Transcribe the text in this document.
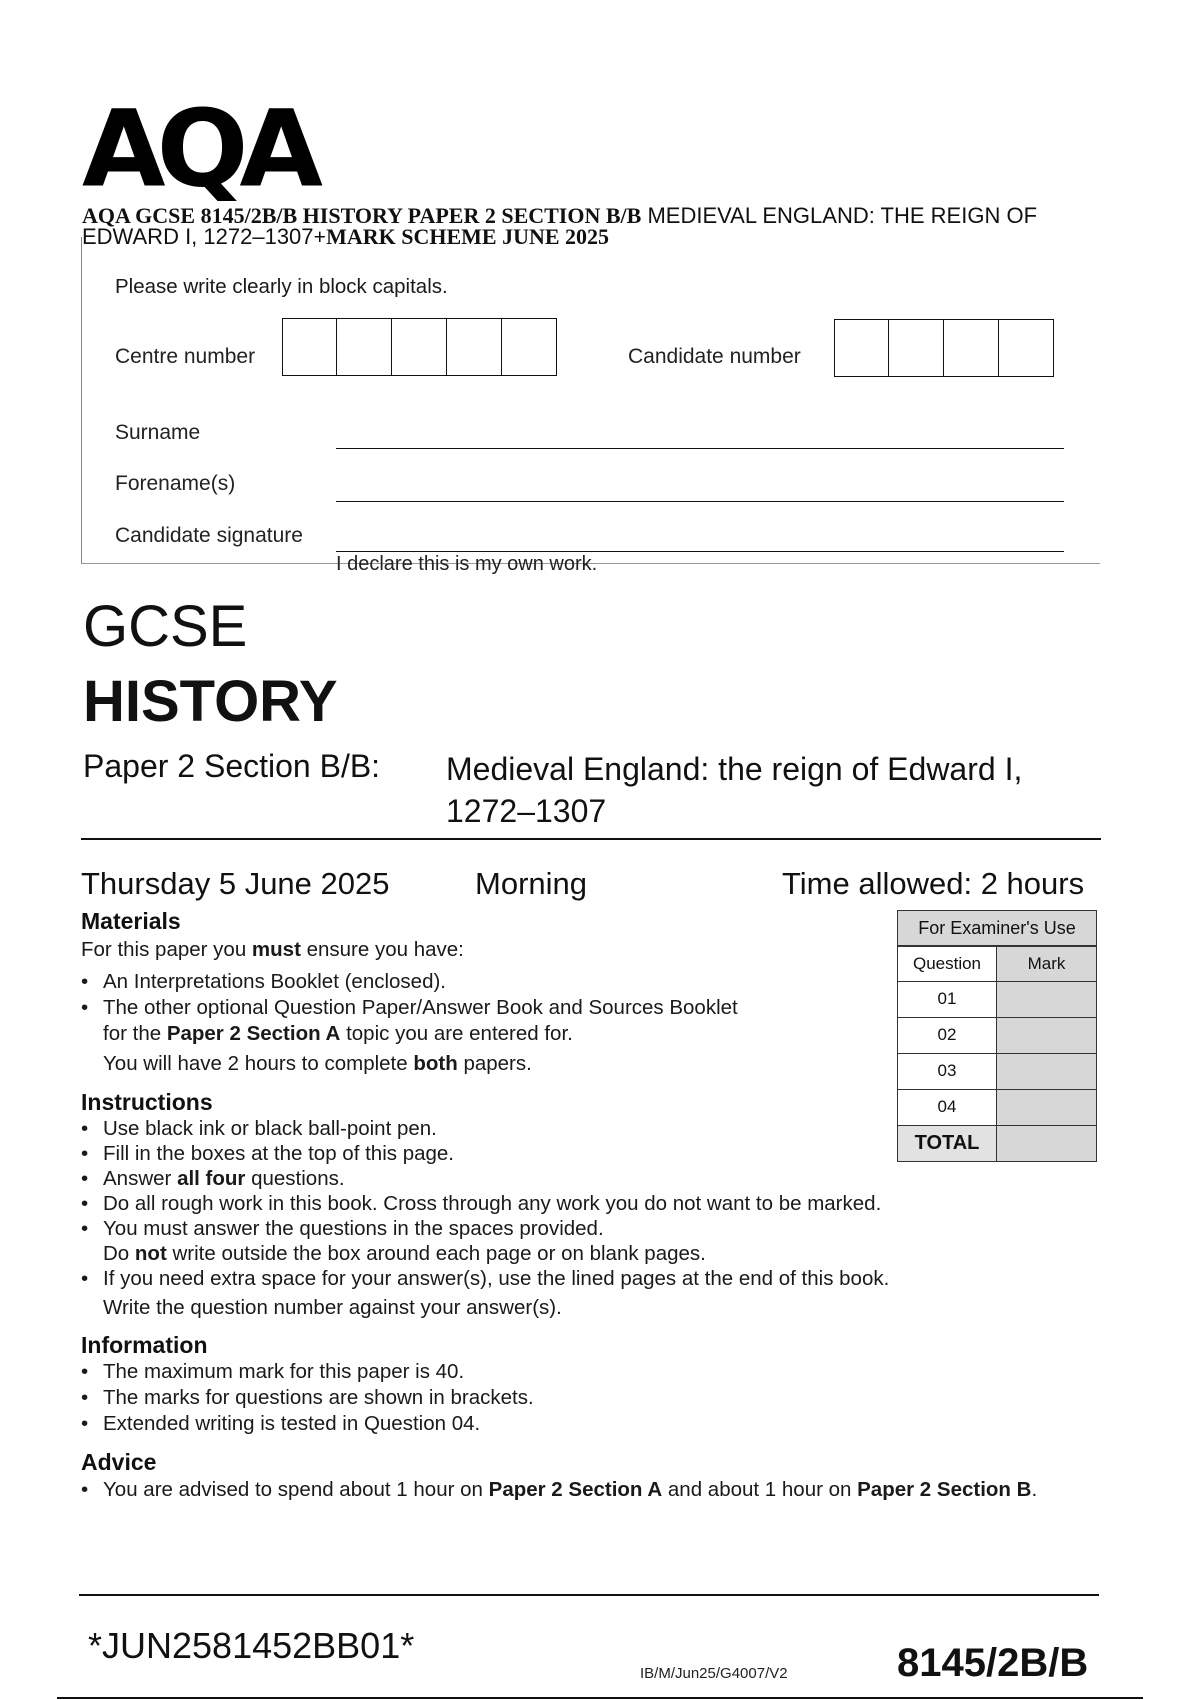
AQA
AQA GCSE 8145/2B/B HISTORY PAPER 2 SECTION B/B MEDIEVAL ENGLAND: THE REIGN OF EDWARD I, 1272–1307+MARK SCHEME JUNE 2025
Please write clearly in block capitals.
Centre number	Candidate number
Surname
Forename(s)
Candidate signature
I declare this is my own work.
GCSE
HISTORY
Paper 2 Section B/B: Medieval England: the reign of Edward I, 1272–1307
Thursday 5 June 2025	Morning	Time allowed: 2 hours
Materials
For this paper you must ensure you have:
• An Interpretations Booklet (enclosed).
• The other optional Question Paper/Answer Book and Sources Booklet
for the Paper 2 Section A topic you are entered for.
You will have 2 hours to complete both papers.
Instructions
• Use black ink or black ball-point pen.
• Fill in the boxes at the top of this page.
• Answer all four questions.
• Do all rough work in this book. Cross through any work you do not want to be marked.
• You must answer the questions in the spaces provided.
Do not write outside the box around each page or on blank pages.
• If you need extra space for your answer(s), use the lined pages at the end of this book.
Write the question number against your answer(s).
Information
• The maximum mark for this paper is 40.
• The marks for questions are shown in brackets.
• Extended writing is tested in Question 04.
Advice
• You are advised to spend about 1 hour on Paper 2 Section A and about 1 hour on Paper 2 Section B.
For Examiner's Use
Question	Mark
01
02
03
04
TOTAL
*JUN2581452BB01*
IB/M/Jun25/G4007/V2	8145/2B/B
